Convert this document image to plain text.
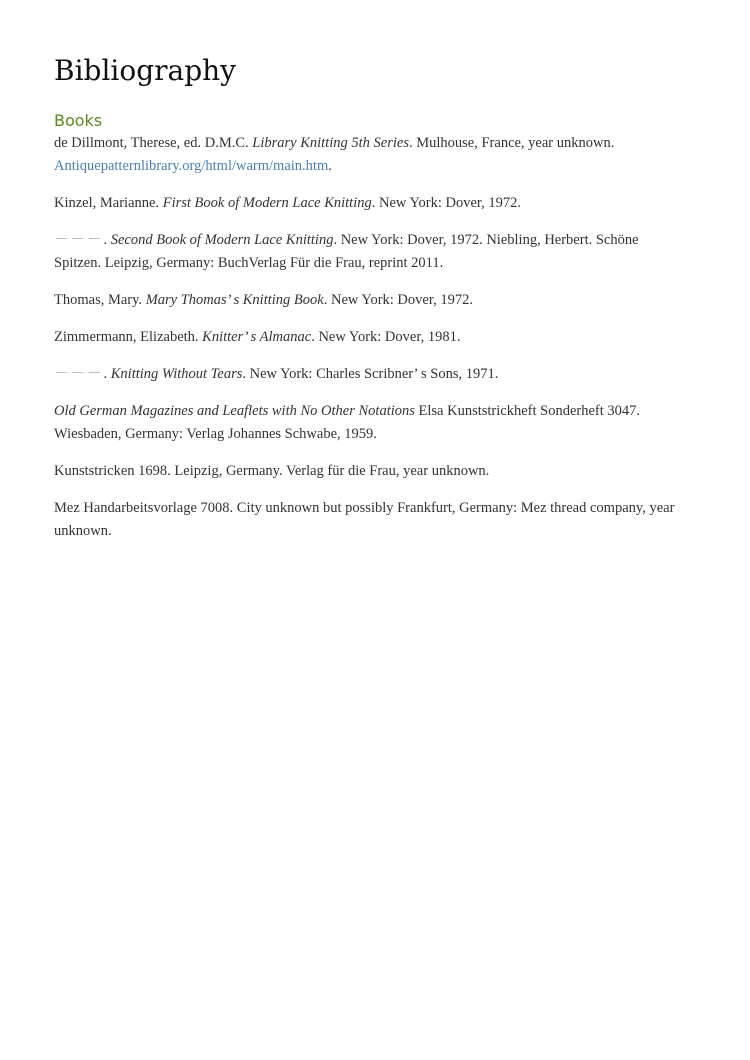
Bibliography
Books

de Dillmont, Therese, ed. D.M.C. Library Knitting 5th Series. Mulhouse, France, year unknown.
Antiquepatternlibrary.org/html/warm/main.htm.

Kinzel, Marianne. First Book of Modern Lace Knitting. New York: Dover, 1972.

－－－. Second Book of Modern Lace Knitting. New York: Dover, 1972. Niebling, Herbert. Schöne Spitzen. Leipzig, Germany: BuchVerlag Für die Frau, reprint 2011.

Thomas, Mary. Mary Thomas’ s Knitting Book. New York: Dover, 1972.

Zimmermann, Elizabeth. Knitter’ s Almanac. New York: Dover, 1981.

－－－. Knitting Without Tears. New York: Charles Scribner’ s Sons, 1971.

Old German Magazines and Leaflets with No Other Notations Elsa Kunststrickheft Sonderheft 3047. Wiesbaden, Germany: Verlag Johannes Schwabe, 1959.

Kunststricken 1698. Leipzig, Germany. Verlag für die Frau, year unknown.

Mez Handarbeitsvorlage 7008. City unknown but possibly Frankfurt, Germany: Mez thread company, year unknown.
